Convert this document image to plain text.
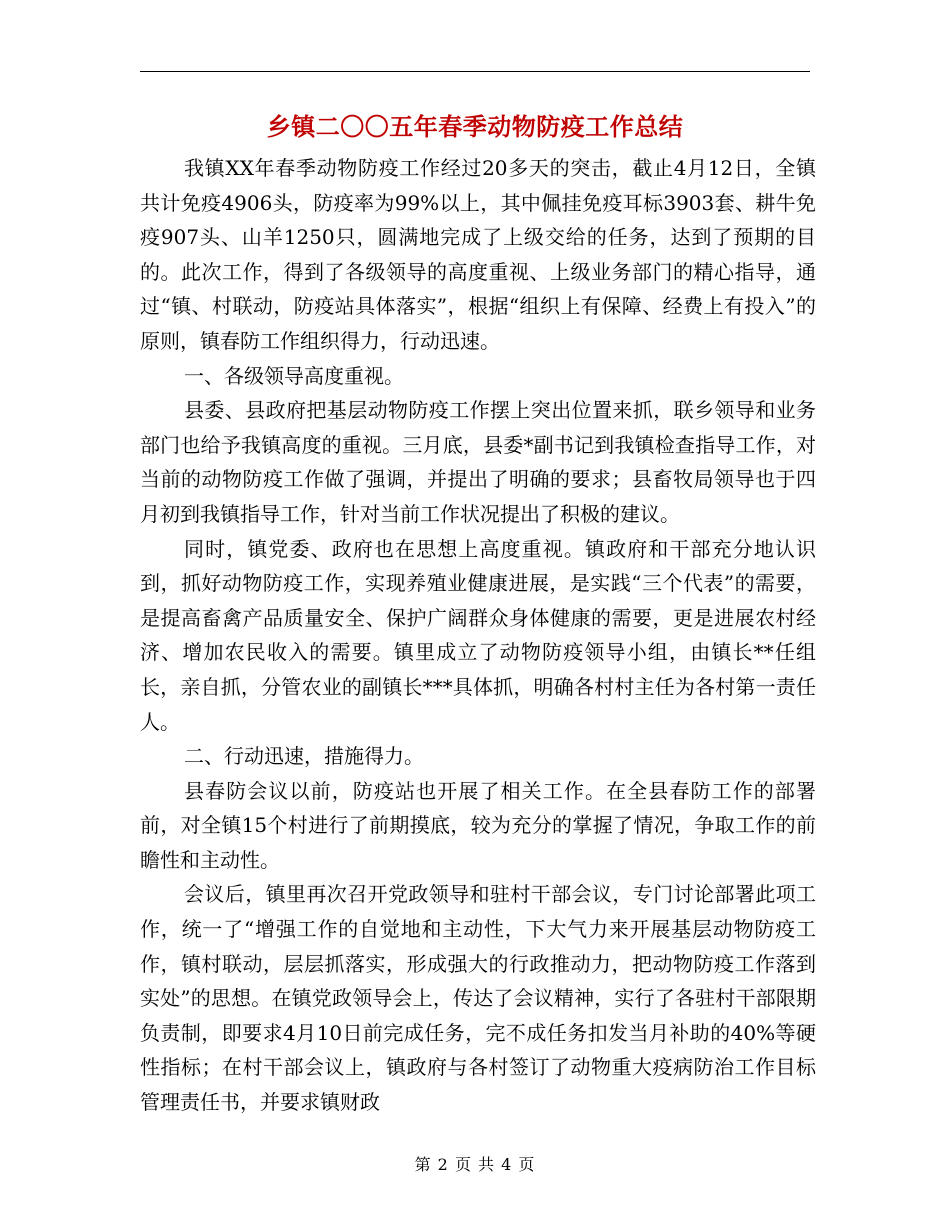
乡镇二〇〇五年春季动物防疫工作总结

我镇XX年春季动物防疫工作经过20多天的突击，截止4月12日，全镇共计免疫4906头，防疫率为99%以上，其中佩挂免疫耳标3903套、耕牛免疫907头、山羊1250只，圆满地完成了上级交给的任务，达到了预期的目的。此次工作，得到了各级领导的高度重视、上级业务部门的精心指导，通过“镇、村联动，防疫站具体落实”，根据“组织上有保障、经费上有投入”的原则，镇春防工作组织得力，行动迅速。

一、各级领导高度重视。

县委、县政府把基层动物防疫工作摆上突出位置来抓，联乡领导和业务部门也给予我镇高度的重视。三月底，县委*副书记到我镇检查指导工作，对当前的动物防疫工作做了强调，并提出了明确的要求；县畜牧局领导也于四月初到我镇指导工作，针对当前工作状况提出了积极的建议。

同时，镇党委、政府也在思想上高度重视。镇政府和干部充分地认识到，抓好动物防疫工作，实现养殖业健康进展，是实践“三个代表”的需要，是提高畜禽产品质量安全、保护广阔群众身体健康的需要，更是进展农村经济、增加农民收入的需要。镇里成立了动物防疫领导小组，由镇长**任组长，亲自抓，分管农业的副镇长***具体抓，明确各村村主任为各村第一责任人。

二、行动迅速，措施得力。

县春防会议以前，防疫站也开展了相关工作。在全县春防工作的部署前，对全镇15个村进行了前期摸底，较为充分的掌握了情况，争取工作的前瞻性和主动性。

会议后，镇里再次召开党政领导和驻村干部会议，专门讨论部署此项工作，统一了“增强工作的自觉地和主动性，下大气力来开展基层动物防疫工作，镇村联动，层层抓落实，形成强大的行政推动力，把动物防疫工作落到实处”的思想。在镇党政领导会上，传达了会议精神，实行了各驻村干部限期负责制，即要求4月10日前完成任务，完不成任务扣发当月补助的40%等硬性指标；在村干部会议上，镇政府与各村签订了动物重大疫病防治工作目标管理责任书，并要求镇财政

第 2 页 共 4 页
